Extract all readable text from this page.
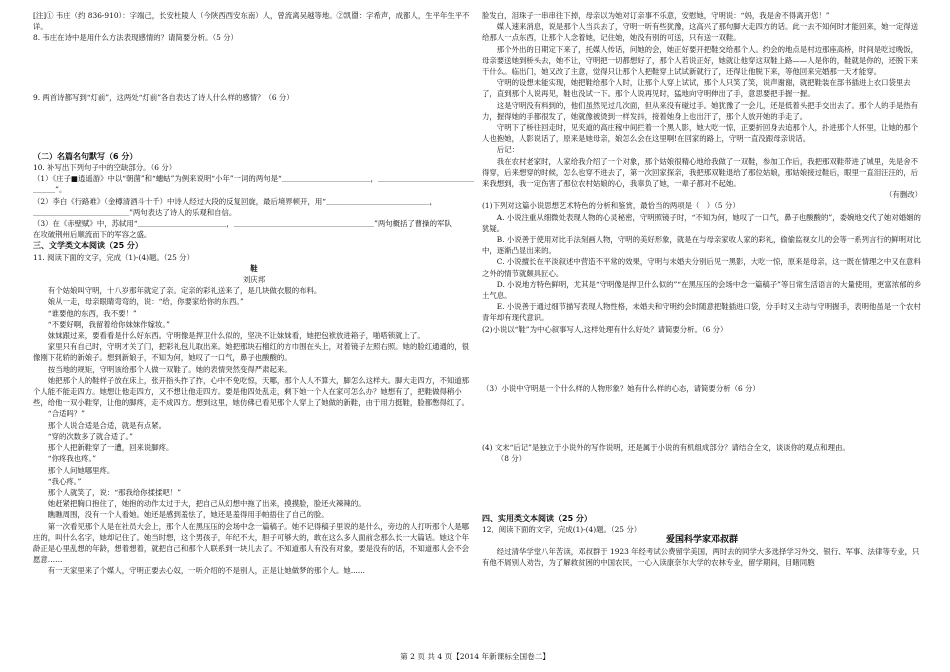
[注]① 韦庄（约 836-910）：字端己，长安杜陵人（今陕西西安东南）人，曾流离吴越等地。②凯罶：字希声，成都人，生平年生平不详。

8. 韦庄在诗中是用什么方法表现感情的？请简要分析。（5 分）

9. 两首诗都写到“灯前”，这两处“灯前”各自表达了诗人什么样的感情？（6 分）

（二）名篇名句默写（6 分）

10. 补写出下列句子中的空缺部分。（6 分）

（1）《庄子■逍遥游》中以“朝菌”和“蟪蛄”为例来说明“小年”一词的两句是“＿＿＿＿＿＿＿＿＿＿＿＿，＿＿＿＿＿＿＿＿＿＿＿＿＿＿＿＿”。

（2）李白《行路难》（金樽清酒斗十千）中诗人经过大段的反复回旋，最后境界顿开，用“＿＿＿＿＿＿＿＿＿＿＿＿＿＿，

＿＿＿＿＿＿＿＿＿＿＿＿＿”两句表达了诗人的乐观和自信。

（3）在《赤壁赋》中，苏轼用“＿＿＿＿＿＿＿＿＿＿＿＿，＿＿＿＿＿＿＿＿＿＿＿＿＿＿＿＿＿＿＿”两句概括了曹操的军队

在攻破荆州后顺流而下的军容之盛。

三、文学类文本阅读（25 分）

11. 阅读下面的文字，完成（1)-(4)题。（25 分）

鞋

刘庆邦

有个姑娘叫守明，十八岁那年就定了亲。定亲的彩礼送来了，是几块做衣服的布料。

娘从一走，母亲眼睛弯弯的，说：“给，你要家给你的东西。”

“谁要他的东西，我不要！”

“不要好啊，我留着给你妹妹作嫁妆。”

妹妹跟过来，要看看是什么好东西。守明像是捍卫什么似的，坚决不让妹妹看，她把包袱放进箱子，啪嗒锁就上了。

家里只有自己时，守明才关了门，把彩礼包儿取出来。她把那块石榴红的方巾围在头上，对着镜子左照右照。她的脸红通通的，很像刚下花轿的新娘子。想到新娘子，不知为何，她叹了一口气，鼻子也酸酸的。

按当地的规矩，守明该给那个人做一双鞋了。她的表情突然变得严肃起来。

她把那个人的鞋样子放在床上，张开指头拃了拃，心中不免吃惊，天哪，那个人人不算大，脚怎么这样大。脚大走四方，不知道那个人能不能走四方。她想让他走四方，又不想让他走四方。要是他四处乱走，剩下她一个人在家可怎么办？她想有了，把鞋做得稍小些，给他一双小鞋穿，让他的脚疼，走不成四方。想到这里，她仿佛已看见那个人穿上了她做的新鞋，由于用力挺鞋，脸都憋得红了。

“合适吗？”

那个人说合适是合适，就是有点紧。

“穿的次数多了就合适了。”

那个人把新鞋穿了一遭，回来说脚疼。

“你疼我也疼。”

那个人问她哪里疼。

“我心疼。”

那个人就笑了，说：“那我给你揉揉吧！”

她赶紧把胸口抱住了，她抱的动作太过于大，把自己从幻想中拖了出来，摸摸脸，脸还火辣辣的。

瞧瞧周围，没有一个人看她。她还是感到羞怯了，她还是羞得用手帕捂住了自己的脸。

第一次看见那个人是在社员大会上，那个人在黑压压的会场中念一篇稿子。她不记得稿子里说的是什么，旁边的人打听那个人是哪庄的，叫什么名字，她却记住了。她当时想，这个男孩子，年纪不大，胆子可够大的，敢在这么多人面前念那么长一大篇话。她这个年龄正是心里乱想的年龄，想着想着，就把自己和那个人联系到一块儿去了。不知道那人有没有对象，要是没有的话，不知道那人会不会愿意……

有一天家里来了个媒人，守明正要去心奴，一听介绍的不是别人，正是让她做梦的那个人。她......

脸发白，泪珠子一串串往下掉，母亲以为她对订亲事不乐意，安慰她，守明说：“妈，我是舍不得离开您！”

媒人速来消息，说是那个人当兵去了，守明一听有些犹豫，这高兴了那句脚大走四方的话。此一去不知何时才能回来，她一定得送给那人一点东西，让那个人念着她，记住她，她没有别的可送，只有送一双鞋。

那个外出的日期定下来了，托媒人传话，问她的会，她正好要开把鞋交给那个人。约会的地点是村边那座高桥，时间是吃过晚饭，母亲要送她到桥头去，她不让，守明把一切都想好了，那个人若说正好，她就让他穿这双鞋上路——人是你的，鞋就是你的，还脱下来干什么。临出门，她又改了主意，觉得只让那个人把鞋穿上试试新就行了，还得让他脱下来，等他回来完婚那一天才能穿。

守明的设想未能实现，她把鞋给那个人时，让那个人穿上试试，那个人只笑了笑，说声谢谢，就把鞋装在部书插进上衣口袋里去了，直到那个人说再见，鞋也没试一下。那个人说再见时，猛地向守明伸出了手，意思要把手握一握。

这是守明没有料到的，他们虽然见过几次面，但从来没有碰过手。她犹豫了一会儿，还是低着头把手交出去了。那个人的手是热有力，握得她的手都很发了，她就像被烫到一样发抖，接着她身上也出汗了，那个人放开她的手走了。

守明下了桥往回走时，见夹道的高庄稼中间拦着一个黑人影，她大吃一惊，正要折回身去追那个人，扑进那个人怀里，让她的那个人也抱她，人影说话了，原来是她母亲，娘怎么会在这里啊!在回家的路上，守明一直没跟母亲说话。

后记：

我在农村老家时，人家给我介绍了一个对象，那个姑娘很精心地给我做了一双鞋，参加工作后，我把那双鞋带进了城里，先是舍不得穿，后来想穿的时候，怎么也穿不进去了，第一次回家探亲，我把那双鞋退给了那位姑娘，那姑娘接过鞋后，眼里一直泪汪汪的，后来我想到，我一定伤害了那位农村姑娘的心，我辜负了她，一辈子都对不起她。

（有删改）

(1)下列对这篇小说思想艺术特色的分析和鉴赏，最恰当的两项是（　）（5 分）

A. 小说注重从细微处表现人物的心灵秘密，守明照镜子时，“不知为何，她叹了一口气，鼻子也酸酸的”，委婉地交代了她对婚姻的犹疑。

B. 小说善于使用对比手法刻画人物，守明的美好形象，就是在与母亲家收人家的彩礼，偷偷监视女儿的会等一系列言行的鲜明对比中，逐渐凸显出来的。

C. 小说擅长在平淡叙述中营造不平常的效果，守明与未婚夫分别后见一黑影，大吃一惊，原来是母亲，这一既在情理之中又在意料之外的情节就颇具匠心。

D. 小说地方特色鲜明，尤其是“守明像是捍卫什么似的”“在黑压压的会场中念一篇稿子”等日常生活语言的大量使用，更富浓郁的乡土气息。

E. 小说善于通过细节描写表现人物性格，未婚夫和守明约会时随意把鞋插进口袋，分手时又主动与守明握手，表明他虽是一个农村青年却有现代意识。

(2)小说以“鞋”为中心叙事写人,这样处理有什么好处？请简要分析。（6 分）

（3）小说中守明是一个什么样的人物形象？她有什么样的心态，请简要分析（6 分）

(4) 文末“后记”是独立于小说外的写作说明，还是属于小说的有机组成部分？请结合全文，谈谈你的观点和理由。

（8 分）

四、实用类文本阅读（25 分）

12．阅读下面的文字，完成(1)-(4)题。（25 分）

爱国科学家邓叔群

经过清华学堂八年苦读，邓叔群于 1923 年经考试公费留学美国，两时去的同学大多选择学习外交、银行、军事、法律等专业，只有他不屑别人劝告，为了解救贫困的中国农民，一心入读康奈尔大学的农林专业，留学期间，目睹同胞

第 2 页 共 4 页【2014 年新课标全国卷二】
